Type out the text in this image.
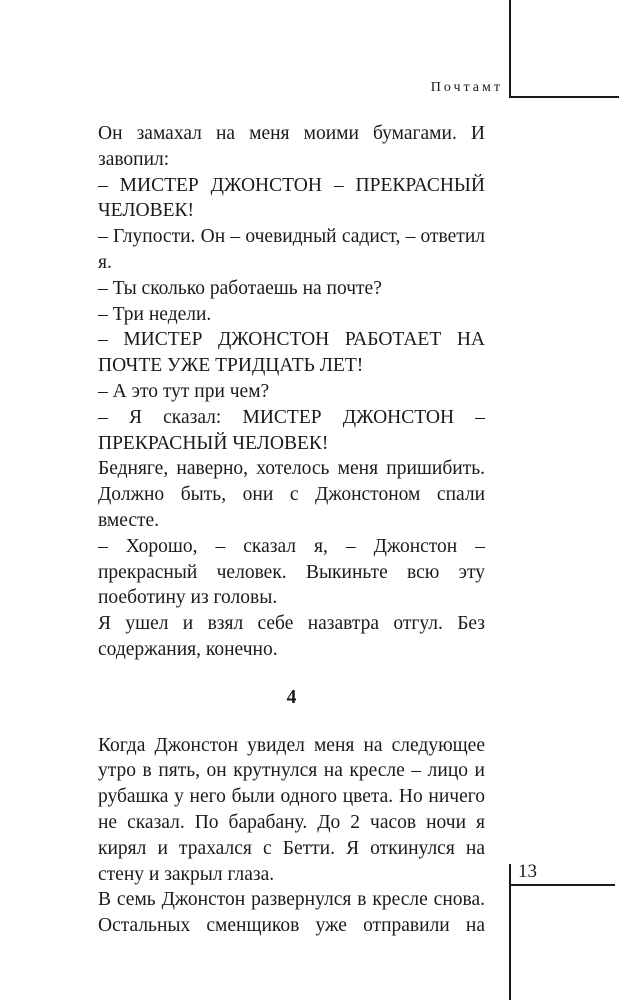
Почтамт

Он замахал на меня моими бумагами. И завопил:

– МИСТЕР ДЖОНСТОН – ПРЕКРАСНЫЙ ЧЕЛОВЕК!

– Глупости. Он – очевидный садист, – ответил я.

– Ты сколько работаешь на почте?

– Три недели.

– МИСТЕР ДЖОНСТОН РАБОТАЕТ НА ПОЧТЕ УЖЕ ТРИДЦАТЬ ЛЕТ!

– А это тут при чем?

– Я сказал: МИСТЕР ДЖОНСТОН – ПРЕКРАСНЫЙ ЧЕЛОВЕК!

Бедняге, наверно, хотелось меня пришибить. Должно быть, они с Джонстоном спали вместе.

– Хорошо, – сказал я, – Джонстон – прекрасный человек. Выкиньте всю эту поеботину из головы.

Я ушел и взял себе назавтра отгул. Без содержания, конечно.

4

Когда Джонстон увидел меня на следующее утро в пять, он крутнулся на кресле – лицо и рубашка у него были одного цвета. Но ничего не сказал. По барабану. До 2 часов ночи я кирял и трахался с Бетти. Я откинулся на стену и закрыл глаза.

В семь Джонстон развернулся в кресле снова. Остальных сменщиков уже отправили на

13
